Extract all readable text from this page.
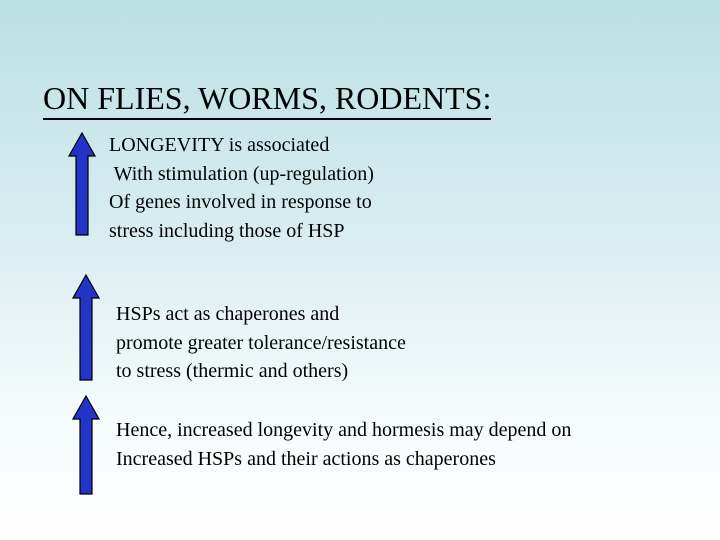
ON FLIES, WORMS, RODENTS:
LONGEVITY is associated
With stimulation (up-regulation)
Of genes involved in response to
stress including those of HSP
HSPs act as chaperones and
promote greater tolerance/resistance
to stress (thermic and others)
Hence, increased longevity and hormesis may depend on
Increased HSPs and their actions as chaperones
